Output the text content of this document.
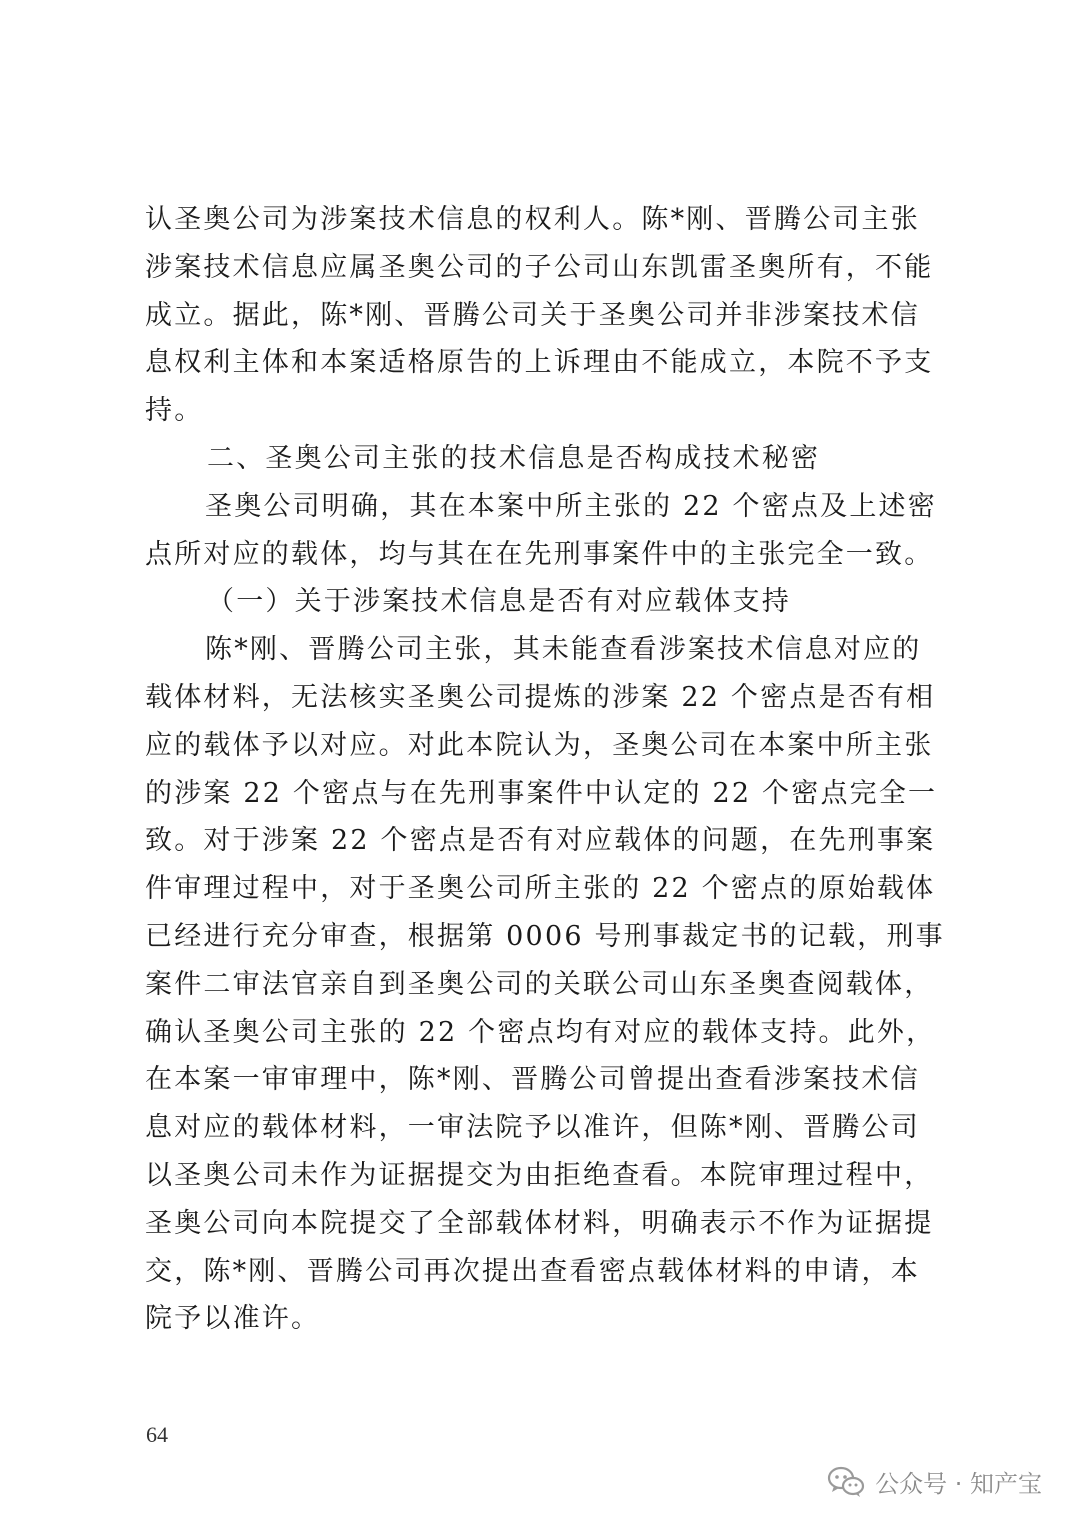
认圣奥公司为涉案技术信息的权利人。陈*刚、晋腾公司主张
涉案技术信息应属圣奥公司的子公司山东凯雷圣奥所有，不能
成立。据此，陈*刚、晋腾公司关于圣奥公司并非涉案技术信
息权利主体和本案适格原告的上诉理由不能成立，本院不予支
持。
二、圣奥公司主张的技术信息是否构成技术秘密
圣奥公司明确，其在本案中所主张的 22 个密点及上述密
点所对应的载体，均与其在在先刑事案件中的主张完全一致。
（一）关于涉案技术信息是否有对应载体支持
陈*刚、晋腾公司主张，其未能查看涉案技术信息对应的
载体材料，无法核实圣奥公司提炼的涉案 22 个密点是否有相
应的载体予以对应。对此本院认为，圣奥公司在本案中所主张
的涉案 22 个密点与在先刑事案件中认定的 22 个密点完全一
致。对于涉案 22 个密点是否有对应载体的问题，在先刑事案
件审理过程中，对于圣奥公司所主张的 22 个密点的原始载体
已经进行充分审查，根据第 0006 号刑事裁定书的记载，刑事
案件二审法官亲自到圣奥公司的关联公司山东圣奥查阅载体，
确认圣奥公司主张的 22 个密点均有对应的载体支持。此外，
在本案一审审理中，陈*刚、晋腾公司曾提出查看涉案技术信
息对应的载体材料，一审法院予以准许，但陈*刚、晋腾公司
以圣奥公司未作为证据提交为由拒绝查看。本院审理过程中，
圣奥公司向本院提交了全部载体材料，明确表示不作为证据提
交，陈*刚、晋腾公司再次提出查看密点载体材料的申请，本
院予以准许。
64
公众号 · 知产宝
